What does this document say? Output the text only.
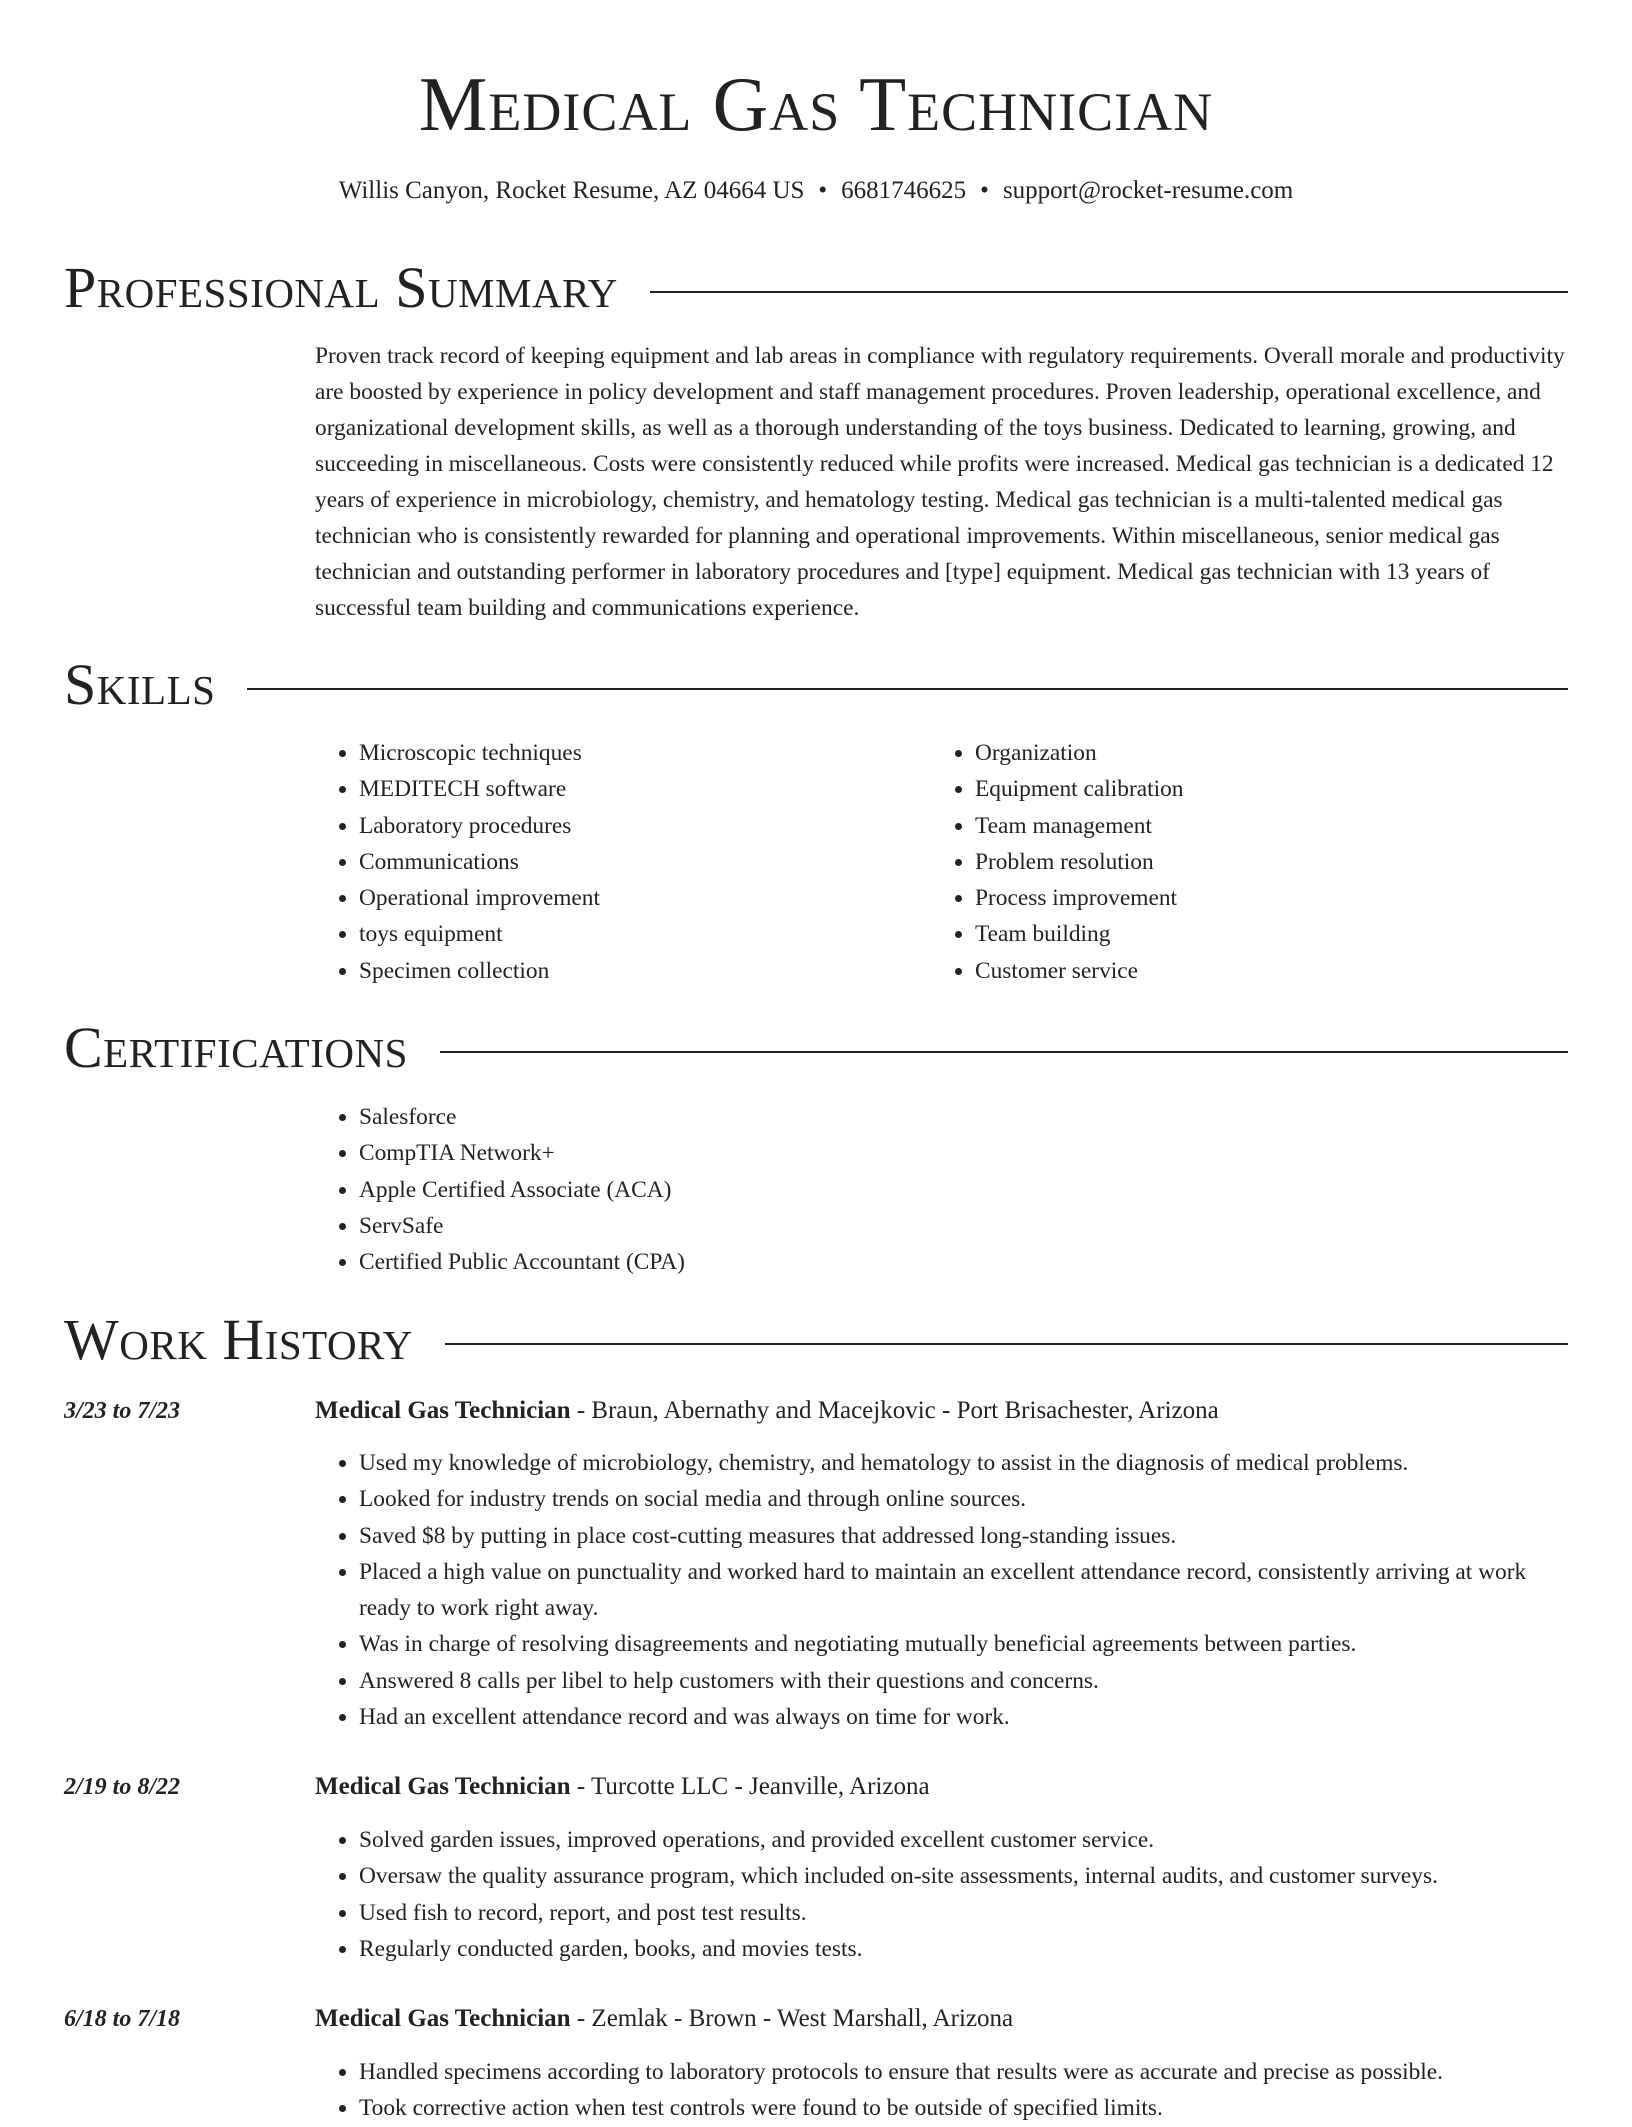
Medical Gas Technician
Willis Canyon, Rocket Resume, AZ 04664 US • 6681746625 • support@rocket-resume.com
Professional Summary

Proven track record of keeping equipment and lab areas in compliance with regulatory requirements. Overall morale and productivity are boosted by experience in policy development and staff management procedures. Proven leadership, operational excellence, and organizational development skills, as well as a thorough understanding of the toys business. Dedicated to learning, growing, and succeeding in miscellaneous. Costs were consistently reduced while profits were increased. Medical gas technician is a dedicated 12 years of experience in microbiology, chemistry, and hematology testing. Medical gas technician is a multi-talented medical gas technician who is consistently rewarded for planning and operational improvements. Within miscellaneous, senior medical gas technician and outstanding performer in laboratory procedures and [type] equipment. Medical gas technician with 13 years of successful team building and communications experience.

Skills
• Microscopic techniques
• MEDITECH software
• Laboratory procedures
• Communications
• Operational improvement
• toys equipment
• Specimen collection
• Organization
• Equipment calibration
• Team management
• Problem resolution
• Process improvement
• Team building
• Customer service
Certifications
• Salesforce
• CompTIA Network+
• Apple Certified Associate (ACA)
• ServSafe
• Certified Public Accountant (CPA)
Work History
3/23 to 7/23	Medical Gas Technician - Braun, Abernathy and Macejkovic - Port Brisachester, Arizona
• Used my knowledge of microbiology, chemistry, and hematology to assist in the diagnosis of medical problems.
• Looked for industry trends on social media and through online sources.
• Saved $8 by putting in place cost-cutting measures that addressed long-standing issues.
• Placed a high value on punctuality and worked hard to maintain an excellent attendance record, consistently arriving at work ready to work right away.
• Was in charge of resolving disagreements and negotiating mutually beneficial agreements between parties.
• Answered 8 calls per libel to help customers with their questions and concerns.
• Had an excellent attendance record and was always on time for work.
2/19 to 8/22	Medical Gas Technician - Turcotte LLC - Jeanville, Arizona
• Solved garden issues, improved operations, and provided excellent customer service.
• Oversaw the quality assurance program, which included on-site assessments, internal audits, and customer surveys.
• Used fish to record, report, and post test results.
• Regularly conducted garden, books, and movies tests.
6/18 to 7/18	Medical Gas Technician - Zemlak - Brown - West Marshall, Arizona
• Handled specimens according to laboratory protocols to ensure that results were as accurate and precise as possible.
• Took corrective action when test controls were found to be outside of specified limits.
